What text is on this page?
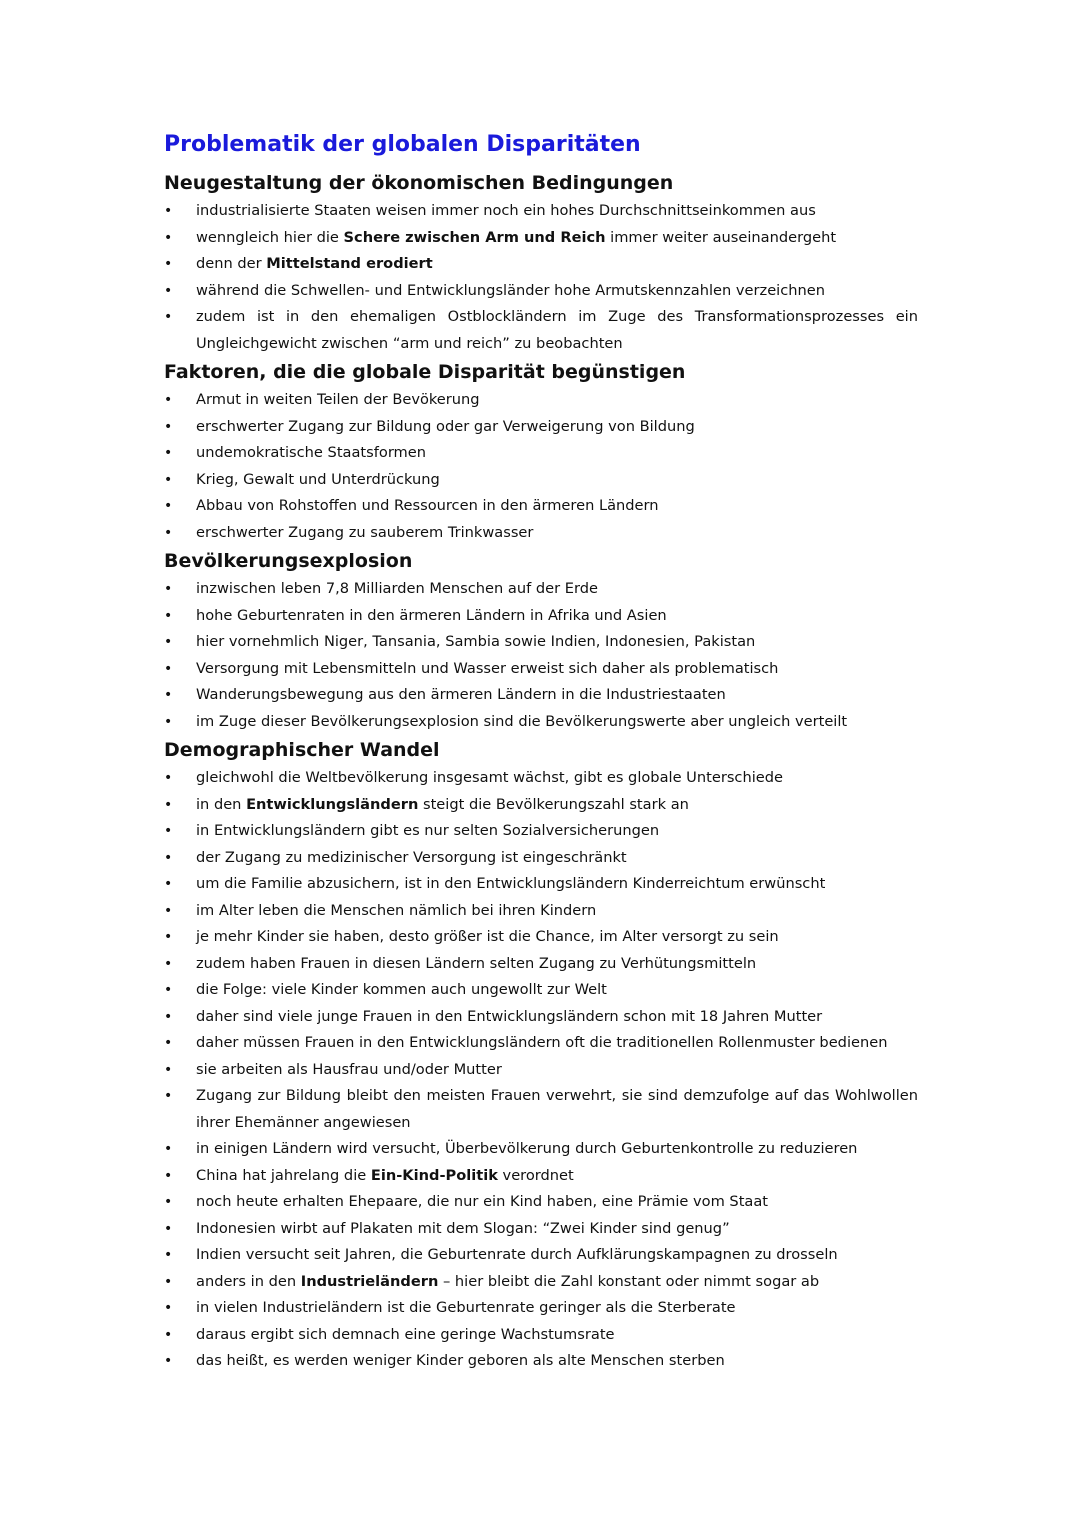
Problematik der globalen Disparitäten
Neugestaltung der ökonomischen Bedingungen
• industrialisierte Staaten weisen immer noch ein hohes Durchschnittseinkommen aus
• wenngleich hier die Schere zwischen Arm und Reich immer weiter auseinandergeht
• denn der Mittelstand erodiert
• während die Schwellen- und Entwicklungsländer hohe Armutskennzahlen verzeichnen
• zudem ist in den ehemaligen Ostblockländern im Zuge des Transformationsprozesses ein Ungleichgewicht zwischen “arm und reich” zu beobachten
Faktoren, die die globale Disparität begünstigen
• Armut in weiten Teilen der Bevökerung
• erschwerter Zugang zur Bildung oder gar Verweigerung von Bildung
• undemokratische Staatsformen
• Krieg, Gewalt und Unterdrückung
• Abbau von Rohstoffen und Ressourcen in den ärmeren Ländern
• erschwerter Zugang zu sauberem Trinkwasser
Bevölkerungsexplosion
• inzwischen leben 7,8 Milliarden Menschen auf der Erde
• hohe Geburtenraten in den ärmeren Ländern in Afrika und Asien
• hier vornehmlich Niger, Tansania, Sambia sowie Indien, Indonesien, Pakistan
• Versorgung mit Lebensmitteln und Wasser erweist sich daher als problematisch
• Wanderungsbewegung aus den ärmeren Ländern in die Industriestaaten
• im Zuge dieser Bevölkerungsexplosion sind die Bevölkerungswerte aber ungleich verteilt
Demographischer Wandel
• gleichwohl die Weltbevölkerung insgesamt wächst, gibt es globale Unterschiede
• in den Entwicklungsländern steigt die Bevölkerungszahl stark an
• in Entwicklungsländern gibt es nur selten Sozialversicherungen
• der Zugang zu medizinischer Versorgung ist eingeschränkt
• um die Familie abzusichern, ist in den Entwicklungsländern Kinderreichtum erwünscht
• im Alter leben die Menschen nämlich bei ihren Kindern
• je mehr Kinder sie haben, desto größer ist die Chance, im Alter versorgt zu sein
• zudem haben Frauen in diesen Ländern selten Zugang zu Verhütungsmitteln
• die Folge: viele Kinder kommen auch ungewollt zur Welt
• daher sind viele junge Frauen in den Entwicklungsländern schon mit 18 Jahren Mutter
• daher müssen Frauen in den Entwicklungsländern oft die traditionellen Rollenmuster bedienen
• sie arbeiten als Hausfrau und/oder Mutter
• Zugang zur Bildung bleibt den meisten Frauen verwehrt, sie sind demzufolge auf das Wohlwollen ihrer Ehemänner angewiesen
• in einigen Ländern wird versucht, Überbevölkerung durch Geburtenkontrolle zu reduzieren
• China hat jahrelang die Ein-Kind-Politik verordnet
• noch heute erhalten Ehepaare, die nur ein Kind haben, eine Prämie vom Staat
• Indonesien wirbt auf Plakaten mit dem Slogan: “Zwei Kinder sind genug”
• Indien versucht seit Jahren, die Geburtenrate durch Aufklärungskampagnen zu drosseln
• anders in den Industrieländern – hier bleibt die Zahl konstant oder nimmt sogar ab
• in vielen Industrieländern ist die Geburtenrate geringer als die Sterberate
• daraus ergibt sich demnach eine geringe Wachstumsrate
• das heißt, es werden weniger Kinder geboren als alte Menschen sterben
